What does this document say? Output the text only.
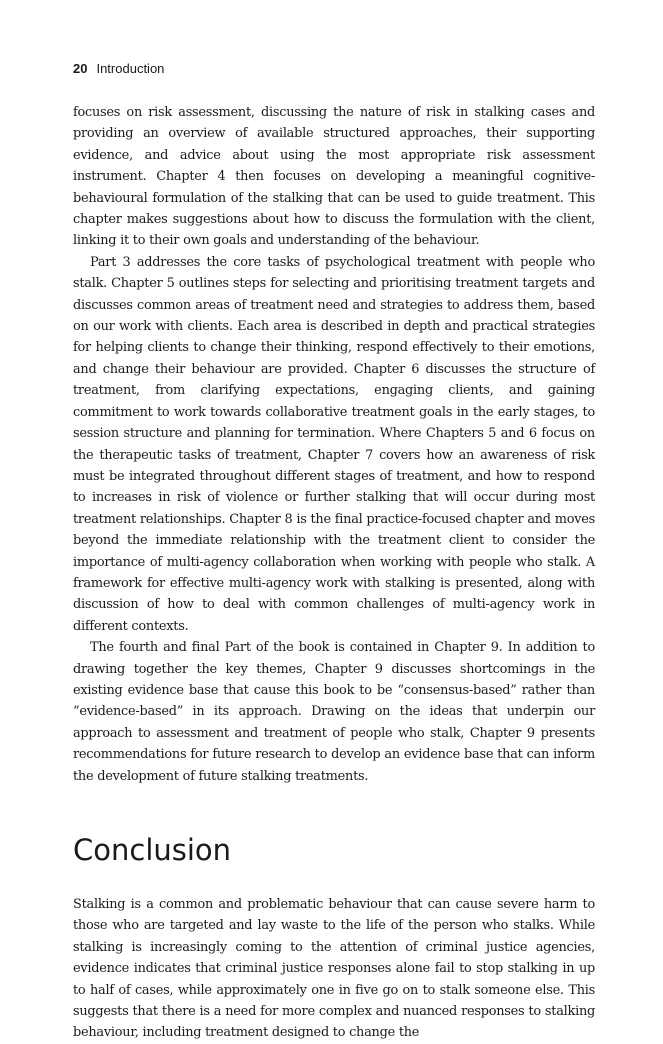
20 Introduction

focuses on risk assessment, discussing the nature of risk in stalking cases and providing an overview of available structured approaches, their supporting evidence, and advice about using the most appropriate risk assessment instrument. Chapter 4 then focuses on developing a meaningful cognitive-behavioural formulation of the stalking that can be used to guide treatment. This chapter makes suggestions about how to discuss the formulation with the client, linking it to their own goals and understanding of the behaviour.

Part 3 addresses the core tasks of psychological treatment with people who stalk. Chapter 5 outlines steps for selecting and prioritising treatment targets and discusses common areas of treatment need and strategies to address them, based on our work with clients. Each area is described in depth and practical strategies for helping clients to change their thinking, respond effectively to their emotions, and change their behaviour are provided. Chapter 6 discusses the structure of treatment, from clarifying expectations, engaging clients, and gaining commitment to work towards collaborative treatment goals in the early stages, to session structure and planning for termination. Where Chapters 5 and 6 focus on the therapeutic tasks of treatment, Chapter 7 covers how an awareness of risk must be integrated throughout different stages of treatment, and how to respond to increases in risk of violence or further stalking that will occur during most treatment relationships. Chapter 8 is the final practice-focused chapter and moves beyond the immediate relationship with the treatment client to consider the importance of multi-agency collaboration when working with people who stalk. A framework for effective multi-agency work with stalking is presented, along with discussion of how to deal with common challenges of multi-agency work in different contexts.

The fourth and final Part of the book is contained in Chapter 9. In addition to drawing together the key themes, Chapter 9 discusses shortcomings in the existing evidence base that cause this book to be “consensus-based” rather than “evidence-based” in its approach. Drawing on the ideas that underpin our approach to assessment and treatment of people who stalk, Chapter 9 presents recommendations for future research to develop an evidence base that can inform the development of future stalking treatments.

Conclusion

Stalking is a common and problematic behaviour that can cause severe harm to those who are targeted and lay waste to the life of the person who stalks. While stalking is increasingly coming to the attention of criminal justice agencies, evidence indicates that criminal justice responses alone fail to stop stalking in up to half of cases, while approximately one in five go on to stalk someone else. This suggests that there is a need for more complex and nuanced responses to stalking behaviour, including treatment designed to change the
